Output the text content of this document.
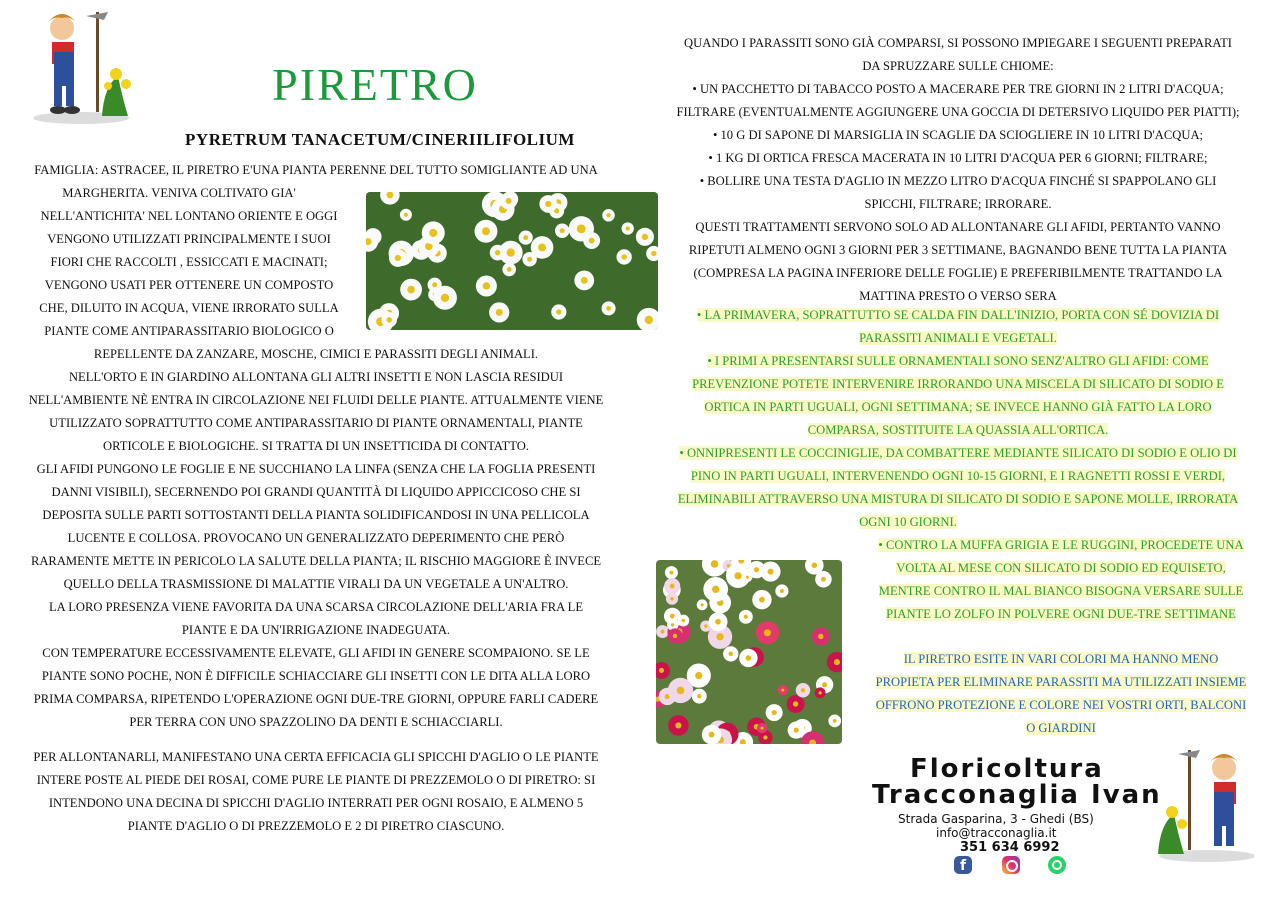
PIRETRO
PYRETRUM TANACETUM/CINERIILIFOLIUM
FAMIGLIA: ASTRACEE, IL PIRETRO E'UNA PIANTA PERENNE DEL TUTTO SOMIGLIANTE AD UNA
MARGHERITA. VENIVA COLTIVATO GIA'
NELL'ANTICHITA' NEL LONTANO ORIENTE E OGGI
VENGONO UTILIZZATI PRINCIPALMENTE I SUOI
FIORI CHE RACCOLTI , ESSICCATI E MACINATI;
VENGONO USATI PER OTTENERE UN COMPOSTO
CHE, DILUITO IN ACQUA, VIENE IRRORATO SULLA
PIANTE COME ANTIPARASSITARIO BIOLOGICO O
REPELLENTE DA ZANZARE, MOSCHE, CIMICI E PARASSITI DEGLI ANIMALI.
NELL'ORTO E IN GIARDINO ALLONTANA GLI ALTRI INSETTI E NON LASCIA RESIDUI
NELL'AMBIENTE NÈ ENTRA IN CIRCOLAZIONE NEI FLUIDI DELLE PIANTE. ATTUALMENTE VIENE
UTILIZZATO SOPRATTUTTO COME ANTIPARASSITARIO DI PIANTE ORNAMENTALI, PIANTE
ORTICOLE E BIOLOGICHE. SI TRATTA DI UN INSETTICIDA DI CONTATTO.
GLI AFIDI PUNGONO LE FOGLIE E NE SUCCHIANO LA LINFA (SENZA CHE LA FOGLIA PRESENTI
DANNI VISIBILI), SECERNENDO POI GRANDI QUANTITÀ DI LIQUIDO APPICCICOSO CHE SI
DEPOSITA SULLE PARTI SOTTOSTANTI DELLA PIANTA SOLIDIFICANDOSI IN UNA PELLICOLA
LUCENTE E COLLOSA. PROVOCANO UN GENERALIZZATO DEPERIMENTO CHE PERÒ
RARAMENTE METTE IN PERICOLO LA SALUTE DELLA PIANTA; IL RISCHIO MAGGIORE È INVECE
QUELLO DELLA TRASMISSIONE DI MALATTIE VIRALI DA UN VEGETALE A UN'ALTRO.
LA LORO PRESENZA VIENE FAVORITA DA UNA SCARSA CIRCOLAZIONE DELL'ARIA FRA LE
PIANTE E DA UN'IRRIGAZIONE INADEGUATA.
CON TEMPERATURE ECCESSIVAMENTE ELEVATE, GLI AFIDI IN GENERE SCOMPAIONO. SE LE
PIANTE SONO POCHE, NON È DIFFICILE SCHIACCIARE GLI INSETTI CON LE DITA ALLA LORO
PRIMA COMPARSA, RIPETENDO L'OPERAZIONE OGNI DUE-TRE GIORNI, OPPURE FARLI CADERE
PER TERRA CON UNO SPAZZOLINO DA DENTI E SCHIACCIARLI.
PER ALLONTANARLI, MANIFESTANO UNA CERTA EFFICACIA GLI SPICCHI D'AGLIO O LE PIANTE
INTERE POSTE AL PIEDE DEI ROSAI, COME PURE LE PIANTE DI PREZZEMOLO O DI PIRETRO: SI
INTENDONO UNA DECINA DI SPICCHI D'AGLIO INTERRATI PER OGNI ROSAIO, E ALMENO 5
PIANTE D'AGLIO O DI PREZZEMOLO E 2 DI PIRETRO CIASCUNO.
QUANDO I PARASSITI SONO GIÀ COMPARSI, SI POSSONO IMPIEGARE I SEGUENTI PREPARATI
DA SPRUZZARE SULLE CHIOME:
• UN PACCHETTO DI TABACCO POSTO A MACERARE PER TRE GIORNI IN 2 LITRI D'ACQUA;
FILTRARE (EVENTUALMENTE AGGIUNGERE UNA GOCCIA DI DETERSIVO LIQUIDO PER PIATTI);
• 10 G DI SAPONE DI MARSIGLIA IN SCAGLIE DA SCIOGLIERE IN 10 LITRI D'ACQUA;
• 1 KG DI ORTICA FRESCA MACERATA IN 10 LITRI D'ACQUA PER 6 GIORNI; FILTRARE;
• BOLLIRE UNA TESTA D'AGLIO IN MEZZO LITRO D'ACQUA FINCHÉ SI SPAPPOLANO GLI
SPICCHI, FILTRARE; IRRORARE.
QUESTI TRATTAMENTI SERVONO SOLO AD ALLONTANARE GLI AFIDI, PERTANTO VANNO
RIPETUTI ALMENO OGNI 3 GIORNI PER 3 SETTIMANE, BAGNANDO BENE TUTTA LA PIANTA
(COMPRESA LA PAGINA INFERIORE DELLE FOGLIE) E PREFERIBILMENTE TRATTANDO LA
MATTINA PRESTO O VERSO SERA
• LA PRIMAVERA, SOPRATTUTTO SE CALDA FIN DALL'INIZIO, PORTA CON SÉ DOVIZIA DI
PARASSITI ANIMALI E VEGETALI.
• I PRIMI A PRESENTARSI SULLE ORNAMENTALI SONO SENZ'ALTRO GLI AFIDI: COME
PREVENZIONE POTETE INTERVENIRE IRRORANDO UNA MISCELA DI SILICATO DI SODIO E
ORTICA IN PARTI UGUALI, OGNI SETTIMANA; SE INVECE HANNO GIÀ FATTO LA LORO
COMPARSA, SOSTITUITE LA QUASSIA ALL'ORTICA.
• ONNIPRESENTI LE COCCINIGLIE, DA COMBATTERE MEDIANTE SILICATO DI SODIO E OLIO DI
PINO IN PARTI UGUALI, INTERVENENDO OGNI 10-15 GIORNI, E I RAGNETTI ROSSI E VERDI,
ELIMINABILI ATTRAVERSO UNA MISTURA DI SILICATO DI SODIO E SAPONE MOLLE, IRRORATA
OGNI 10 GIORNI.
• CONTRO LA MUFFA GRIGIA E LE RUGGINI, PROCEDETE UNA
VOLTA AL MESE CON SILICATO DI SODIO ED EQUISETO,
MENTRE CONTRO IL MAL BIANCO BISOGNA VERSARE SULLE
PIANTE LO ZOLFO IN POLVERE OGNI DUE-TRE SETTIMANE
IL PIRETRO ESITE IN VARI COLORI MA HANNO MENO
PROPIETA PER ELIMINARE PARASSITI MA UTILIZZATI INSIEME
OFFRONO PROTEZIONE E COLORE NEI VOSTRI ORTI, BALCONI
O GIARDINI
Floricoltura
Tracconaglia Ivan
Strada Gasparina, 3 - Ghedi (BS)
info@tracconaglia.it
351 634 6992
f
